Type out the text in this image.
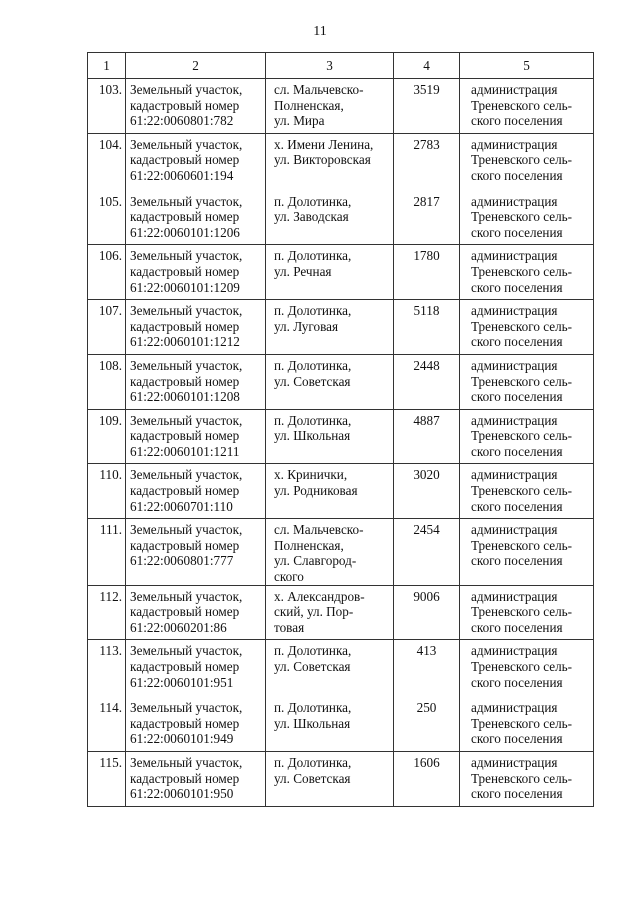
11
1	2	3	4	5
103.	Земельный участок,
кадастровый номер
61:22:0060801:782	сл. Мальчевско-
Полненская,
ул. Мира	3519	администрация
Треневского сель-
ского поселения

104.	Земельный участок,
кадастровый номер
61:22:0060601:194	х. Имени Ленина,
ул. Викторовская	2783	администрация
Треневского сель-
ского поселения

105.	Земельный участок,
кадастровый номер
61:22:0060101:1206	п. Долотинка,
ул. Заводская	2817	администрация
Треневского сель-
ского поселения

106.	Земельный участок,
кадастровый номер
61:22:0060101:1209	п. Долотинка,
ул. Речная	1780	администрация
Треневского сель-
ского поселения

107.	Земельный участок,
кадастровый номер
61:22:0060101:1212	п. Долотинка,
ул. Луговая	5118	администрация
Треневского сель-
ского поселения

108.	Земельный участок,
кадастровый номер
61:22:0060101:1208	п. Долотинка,
ул. Советская	2448	администрация
Треневского сель-
ского поселения

109.	Земельный участок,
кадастровый номер
61:22:0060101:1211	п. Долотинка,
ул. Школьная	4887	администрация
Треневского сель-
ского поселения

110.	Земельный участок,
кадастровый номер
61:22:0060701:110	х. Кринички,
ул. Родниковая	3020	администрация
Треневского сель-
ского поселения

111.	Земельный участок,
кадастровый номер
61:22:0060801:777	сл. Мальчевско-
Полненская,
ул. Славгород-
ского	2454	администрация
Треневского сель-
ского поселения

112.	Земельный участок,
кадастровый номер
61:22:0060201:86	х. Александров-
ский, ул. Пор-
товая	9006	администрация
Треневского сель-
ского поселения

113.	Земельный участок,
кадастровый номер
61:22:0060101:951	п. Долотинка,
ул. Советская	413	администрация
Треневского сель-
ского поселения

114.	Земельный участок,
кадастровый номер
61:22:0060101:949	п. Долотинка,
ул. Школьная	250	администрация
Треневского сель-
ского поселения

115.	Земельный участок,
кадастровый номер
61:22:0060101:950	п. Долотинка,
ул. Советская	1606	администрация
Треневского сель-
ского поселения
